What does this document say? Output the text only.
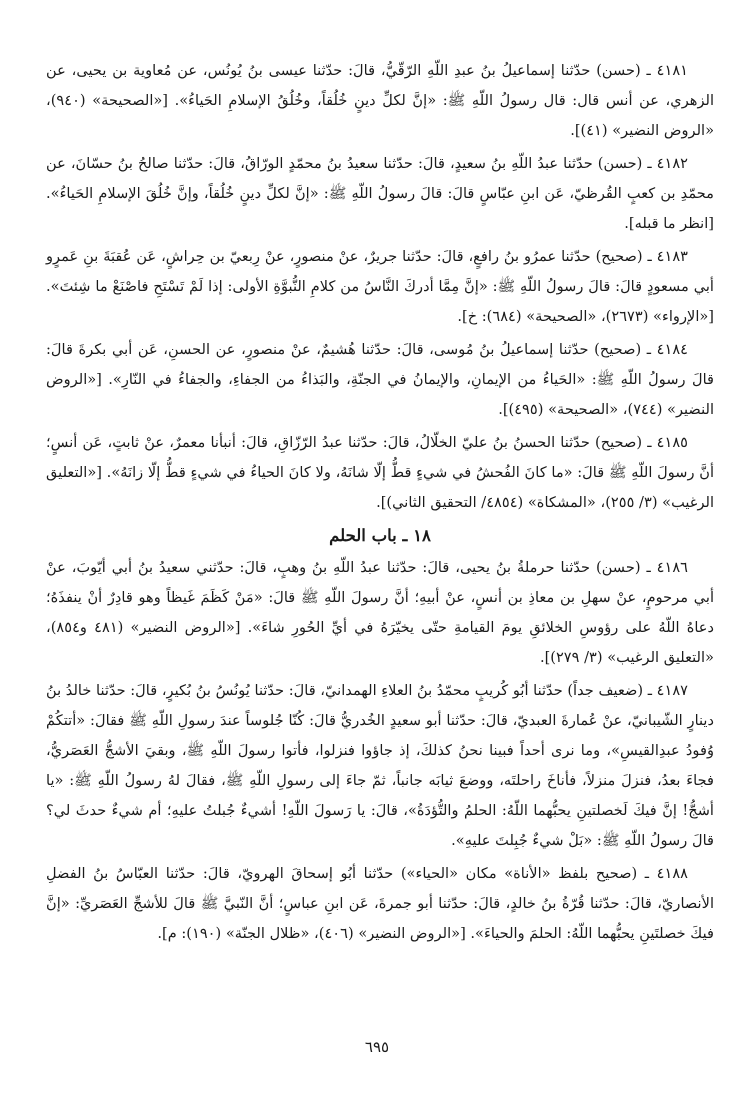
٤١٨١ ـ (حسن) حدّثنا إسماعيلُ بنُ عبدِ اللّهِ الرّقّيُّ، قالَ: حدّثنا عيسى بنُ يُونُس، عن مُعاوية بن يحيى، عن الزهري، عن أنس قال: قال رسولُ اللّهِ ﷺ: «إنَّ لكلِّ دينٍ خُلُقاً، وخُلُقُ الإسلامِ الحَياءُ». [«الصحيحة» (٩٤٠)، «الروض النضير» (٤١)].

٤١٨٢ ـ (حسن) حدّثنا عبدُ اللّهِ بنُ سعيدٍ، قالَ: حدّثنا سعيدُ بنُ محمّدٍ الورّاقُ، قالَ: حدّثنا صالحُ بنُ حسّانَ، عن محمّدِ بن كعبٍ القُرظيّ، عَن ابنِ عبّاسٍ قالَ: قالَ رسولُ اللّهِ ﷺ: «إنَّ لكلِّ دينٍ خُلُقاً، وإنَّ خُلُقَ الإسلامِ الحَياءُ». [انظر ما قبله].

٤١٨٣ ـ (صحيح) حدّثنا عمرُو بنُ رافعٍ، قالَ: حدّثنا جريرٌ، عنْ منصورٍ، عنْ رِبعيّ بن حِراشٍ، عَن عُقبَةَ بنِ عَمرٍو أبي مسعودٍ قالَ: قالَ رسولُ اللّهِ ﷺ: «إنَّ مِمَّا أدركَ النَّاسُ من كلامِ النُّبوَّةِ الأولى: إذا لَمْ تَسْتَحِ فاصْنَعْ ما شِئتَ». [«الإرواء» (٢٦٧٣)، «الصحيحة» (٦٨٤): خ].

٤١٨٤ ـ (صحيح) حدّثنا إسماعيلُ بنُ مُوسى، قالَ: حدّثنا هُشيمٌ، عنْ منصورٍ، عن الحسنِ، عَن أبي بكرةَ قالَ: قالَ رسولُ اللّهِ ﷺ: «الحَياءُ من الإيمانِ، والإيمانُ في الجنّةِ، والبَذاءُ من الجفاءِ، والجفاءُ في النّارِ». [«الروض النضير» (٧٤٤)، «الصحيحة» (٤٩٥)].

٤١٨٥ ـ (صحيح) حدّثنا الحسنُ بنُ عليّ الخلّالُ، قالَ: حدّثنا عبدُ الرّزّاقِ، قالَ: أنبأنا معمرٌ، عنْ ثابتٍ، عَن أنسٍ؛ أنَّ رسولَ اللّهِ ﷺ قالَ: «ما كانَ الفُحشُ في شيءٍ قطُّ إلّا شانَهُ، ولا كانَ الحياءُ في شيءٍ قطُّ إلّا زانَهُ». [«التعليق الرغيب» (٣/ ٢٥٥)، «المشكاة» (٤٨٥٤/ التحقيق الثاني)].

١٨ ـ باب الحلم

٤١٨٦ ـ (حسن) حدّثنا حرملةُ بنُ يحيى، قالَ: حدّثنا عبدُ اللّهِ بنُ وهبٍ، قالَ: حدّثني سعيدُ بنُ أبي أيّوبَ، عنْ أبي مرحومٍ، عنْ سهلِ بن معاذِ بن أنسٍ، عنْ أبيهِ؛ أنَّ رسولَ اللّهِ ﷺ قالَ: «مَنْ كَظَمَ غَيظاً وهو قادِرٌ أنْ ينفذَهُ؛ دعاهُ اللّهُ على رؤوسِ الخلائقِ يومَ القيامةِ حتّى يخيّرَهُ في أيِّ الحُورِ شاءَ». [«الروض النضير» (٤٨١ و٨٥٤)، «التعليق الرغيب» (٣/ ٢٧٩)].

٤١٨٧ ـ (ضعيف جداً) حدّثنا أبُو كُريبٍ محمّدُ بنُ العلاءِ الهمدانيّ، قالَ: حدّثنا يُونُسُ بنُ بُكيرٍ، قالَ: حدّثنا خالدُ بنُ دينارٍ الشّيبانيّ، عنْ عُمارةَ العبديّ، قالَ: حدّثنا أبو سعيدٍ الخُدريُّ قالَ: كُنّا جُلوساً عندَ رسولِ اللّهِ ﷺ فقالَ: «أتتكُمْ وُفودُ عبدِالقيسِ»، وما نرى أحداً فبينا نحنُ كذلكَ، إذ جاؤوا فنزلوا، فأتوا رسولَ اللّهِ ﷺ، وبقيَ الأشجُّ العَصَريُّ، فجاءَ بعدُ، فنزلَ منزلاً، فأناخَ راحلتَه، ووضعَ ثيابَه جانباً، ثمّ جاءَ إلى رسولِ اللّهِ ﷺ، فقالَ لهُ رسولُ اللّهِ ﷺ: «يا أشجُّ! إنَّ فيكَ لَخصلتينِ يحبُّهما اللّهُ: الحلمُ والتُّؤدَةُ»، قالَ: يا رَسولَ اللّهِ! أشيءٌ جُبلتُ عليهِ؛ أم شيءٌ حدثَ لي؟ قالَ رسولُ اللّهِ ﷺ: «بَلْ شيءٌ جُبِلتَ عليهِ».

٤١٨٨ ـ (صحيح بلفظ «الأناة» مكان «الحياء») حدّثنا أبُو إسحاقَ الهرويّ، قالَ: حدّثنا العبّاسُ بنُ الفضلِ الأنصاريّ، قالَ: حدّثنا قُرّةُ بنُ خالدٍ، قالَ: حدّثنا أبو جمرةَ، عَن ابنِ عباسٍ؛ أنَّ النّبيَّ ﷺ قالَ للأشجِّ العَصَريِّ: «إنَّ فيكَ خصلتَينِ يحبُّهما اللّهُ: الحلمَ والحياءَ». [«الروض النضير» (٤٠٦)، «ظلال الجنّة» (١٩٠): م].

٦٩٥
